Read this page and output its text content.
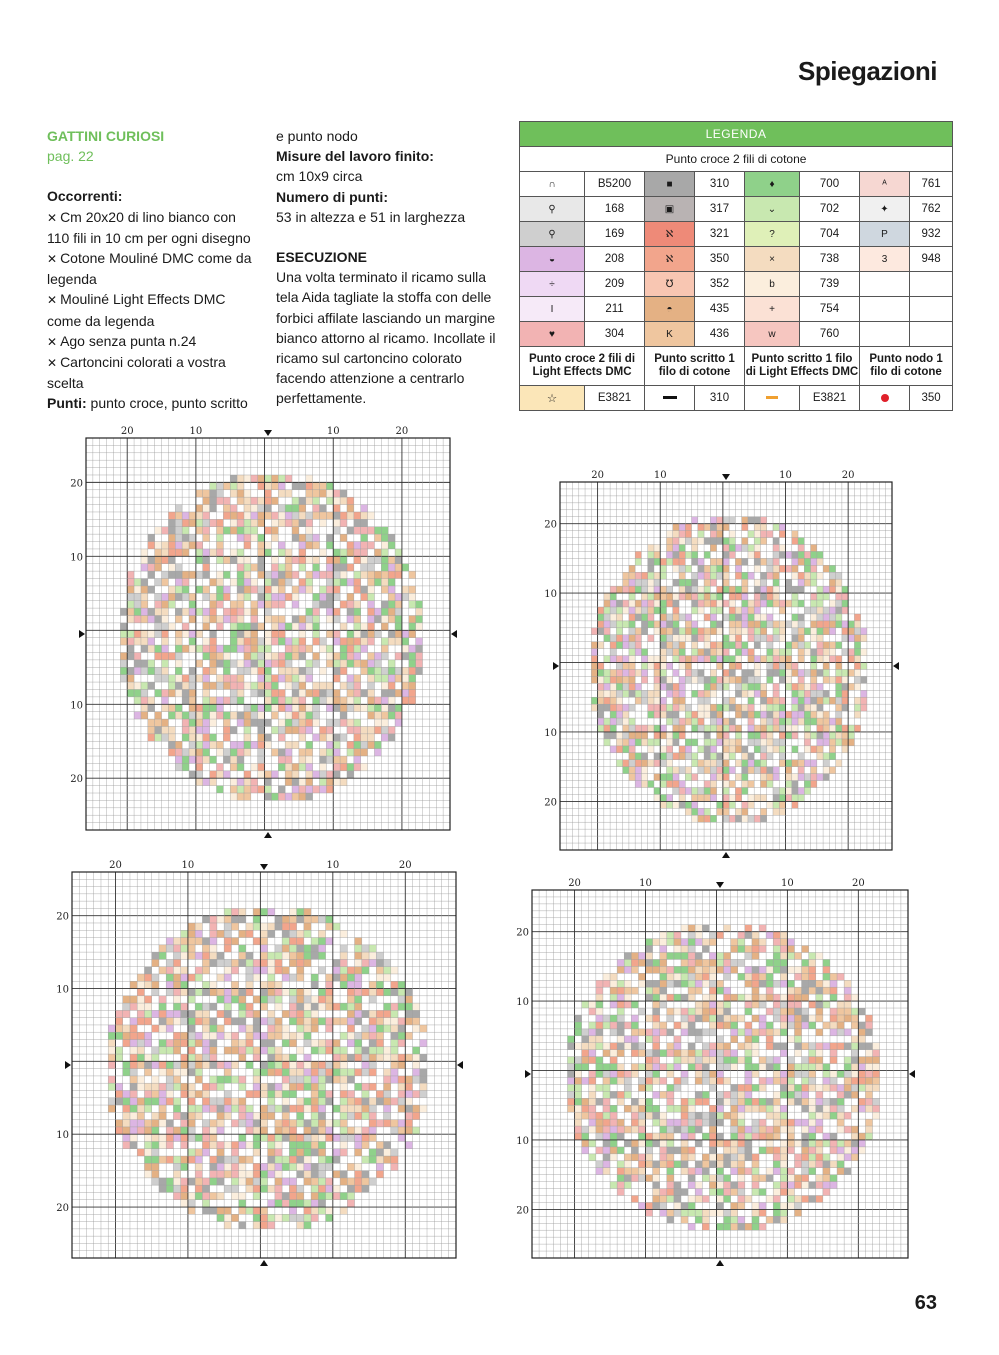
Spiegazioni
GATTINI CURIOSI
pag. 22
Occorrenti:
✕ Cm 20x20 di lino bianco con 110 fili in 10 cm per ogni disegno
✕ Cotone Mouliné DMC come da legenda
✕ Mouliné Light Effects DMC come da legenda
✕ Ago senza punta n.24
✕ Cartoncini colorati a vostra scelta
Punti: punto croce, punto scritto
e punto nodo
Misure del lavoro finito:
cm 10x9 circa
Numero di punti:
53 in altezza e 51 in larghezza
ESECUZIONE
Una volta terminato il ricamo sulla tela Aida tagliate la stoffa con delle forbici affilate lasciando un margine bianco attorno al ricamo. Incollate il ricamo sul cartoncino colorato facendo attenzione a centrarlo perfettamente.
LEGENDA							
Punto croce 2 fili di cotone							
∩	B5200	■	310	♦	700	ᴬ	761
⚲	168	▣	317	⌄	702	✦	762
⚲	169	ℵ	321	?	704	P	932
◒	208	ℵ	350	×	738	3	948
÷	209	℧	352	b	739		
I	211	◓	435	+	754		
♥	304	K	436	w	760		
Punto croce 2 fili di Light Effects DMC		Punto scritto 1 filo di cotone		Punto scritto 1 filo di Light Effects DMC		Punto nodo 1 filo di cotone	
☆	E3821		310		E3821		350
20	10	10	20
20
10
10
20
20	10	10	20
20
10
10
20
20	10	10	20
20
10
10
20
20	10	10	20
20
10
10
20
63
